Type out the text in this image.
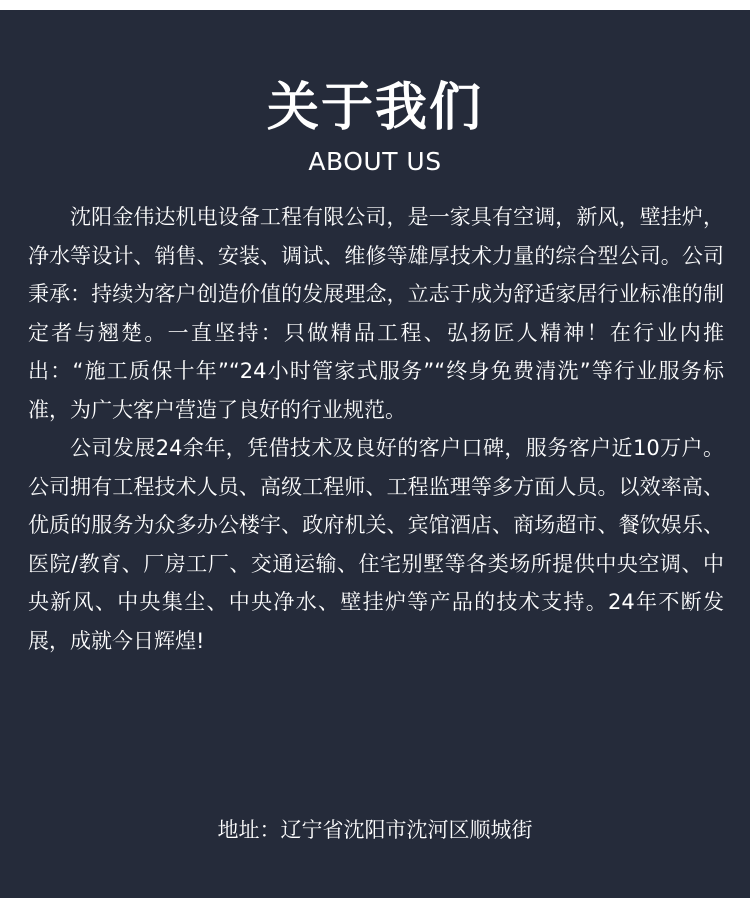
关于我们
ABOUT US

沈阳金伟达机电设备工程有限公司，是一家具有空调，新风，壁挂炉，净水等设计、销售、安装、调试、维修等雄厚技术力量的综合型公司。公司秉承：持续为客户创造价值的发展理念，立志于成为舒适家居行业标准的制定者与翘楚。一直坚持：只做精品工程、弘扬匠人精神！在行业内推出：“施工质保十年”“24小时管家式服务”“终身免费清洗”等行业服务标准，为广大客户营造了良好的行业规范。

公司发展24余年，凭借技术及良好的客户口碑，服务客户近10万户。公司拥有工程技术人员、高级工程师、工程监理等多方面人员。以效率高、优质的服务为众多办公楼宇、政府机关、宾馆酒店、商场超市、餐饮娱乐、医院/教育、厂房工厂、交通运输、住宅别墅等各类场所提供中央空调、中央新风、中央集尘、中央净水、壁挂炉等产品的技术支持。24年不断发展，成就今日辉煌!

地址：辽宁省沈阳市沈河区顺城街
